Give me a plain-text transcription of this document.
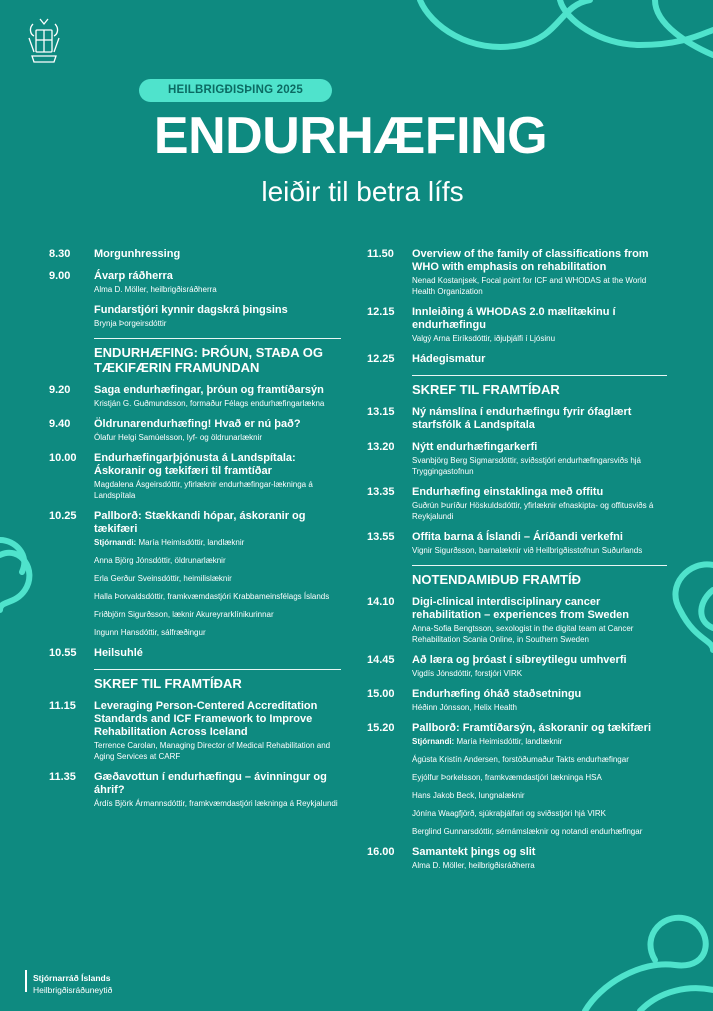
HEILBRIGÐISÞING 2025
ENDURHÆFING
leiðir til betra lífs
8.30	Morgunhressing
9.00	Ávarp ráðherra
Alma D. Möller, heilbrigðisráðherra
Fundarstjóri kynnir dagskrá þingsins
Brynja Þorgeirsdóttir
ENDURHÆFING: ÞRÓUN, STAÐA OG TÆKIFÆRIN FRAMUNDAN
9.20	Saga endurhæfingar, þróun og framtíðarsýn
Kristján G. Guðmundsson, formaður Félags endurhæfingarlækna
9.40	Öldrunarendurhæfing! Hvað er nú það?
Ólafur Helgi Samúelsson, lyf- og öldrunarlæknir
10.00	Endurhæfingarþjónusta á Landspítala: Áskoranir og tækifæri til framtíðar
Magdalena Ásgeirsdóttir, yfirlæknir endurhæfingar-lækninga á Landspítala
10.25	Pallborð: Stækkandi hópar, áskoranir og tækifæri
Stjórnandi: María Heimisdóttir, landlæknir
Anna Björg Jónsdóttir, öldrunarlæknir
Erla Gerður Sveinsdóttir, heimilislæknir
Halla Þorvaldsdóttir, framkvæmdastjóri Krabbameinsfélags Íslands
Friðbjörn Sigurðsson, læknir Akureyrarklínikurinnar
Ingunn Hansdóttir, sálfræðingur
10.55	Heilsuhlé
SKREF TIL FRAMTÍÐAR
11.15	Leveraging Person-Centered Accreditation Standards and ICF Framework to Improve Rehabilitation Across Iceland
Terrence Carolan, Managing Director of Medical Rehabilitation and Aging Services at CARF
11.35	Gæðavottun í endurhæfingu – ávinningur og áhrif?
Árdís Björk Ármannsdóttir, framkvæmdastjóri lækninga á Reykjalundi
11.50	Overview of the family of classifications from WHO with emphasis on rehabilitation
Nenad Kostanjsek, Focal point for ICF and WHODAS at the World Health Organization
12.15	Innleiðing á WHODAS 2.0 mælitækinu í endurhæfingu
Valgý Arna Eiríksdóttir, iðjuþjálfi í Ljósinu
12.25	Hádegismatur
SKREF TIL FRAMTÍÐAR
13.15	Ný námslína í endurhæfingu fyrir ófaglært starfsfólk á Landspítala
13.20	Nýtt endurhæfingarkerfi
Svanbjörg Berg Sigmarsdóttir, sviðsstjóri endurhæfingarsviðs hjá Tryggingastofnun
13.35	Endurhæfing einstaklinga með offitu
Guðrún Þuríður Höskuldsdóttir, yfirlæknir efnaskipta- og offitusviðs á Reykjalundi
13.55	Offita barna á Íslandi – Áríðandi verkefni
Vignir Sigurðsson, barnalæknir við Heilbrigðisstofnun Suðurlands
NOTENDAMIÐUÐ FRAMTÍÐ
14.10	Digi-clinical interdisciplinary cancer rehabilitation – experiences from Sweden
Anna-Sofia Bengtsson, sexologist in the digital team at Cancer Rehabilitation Scania Online, in Southern Sweden
14.45	Að læra og þróast í síbreytilegu umhverfi
Vigdís Jónsdóttir, forstjóri VIRK
15.00	Endurhæfing óháð staðsetningu
Héðinn Jónsson, Helix Health
15.20	Pallborð: Framtíðarsýn, áskoranir og tækifæri
Stjórnandi: María Heimisdóttir, landlæknir
Ágústa Kristín Andersen, forstöðumaður Takts endurhæfingar
Eyjólfur Þorkelsson, framkvæmdastjóri lækninga HSA
Hans Jakob Beck, lungnalæknir
Jónína Waagfjörð, sjúkraþjálfari og sviðsstjóri hjá VIRK
Berglind Gunnarsdóttir, sérnámslæknir og notandi endurhæfingar
16.00	Samantekt þings og slit
Alma D. Möller, heilbrigðisráðherra
Stjórnarráð Íslands
Heilbrigðisráðuneytið
